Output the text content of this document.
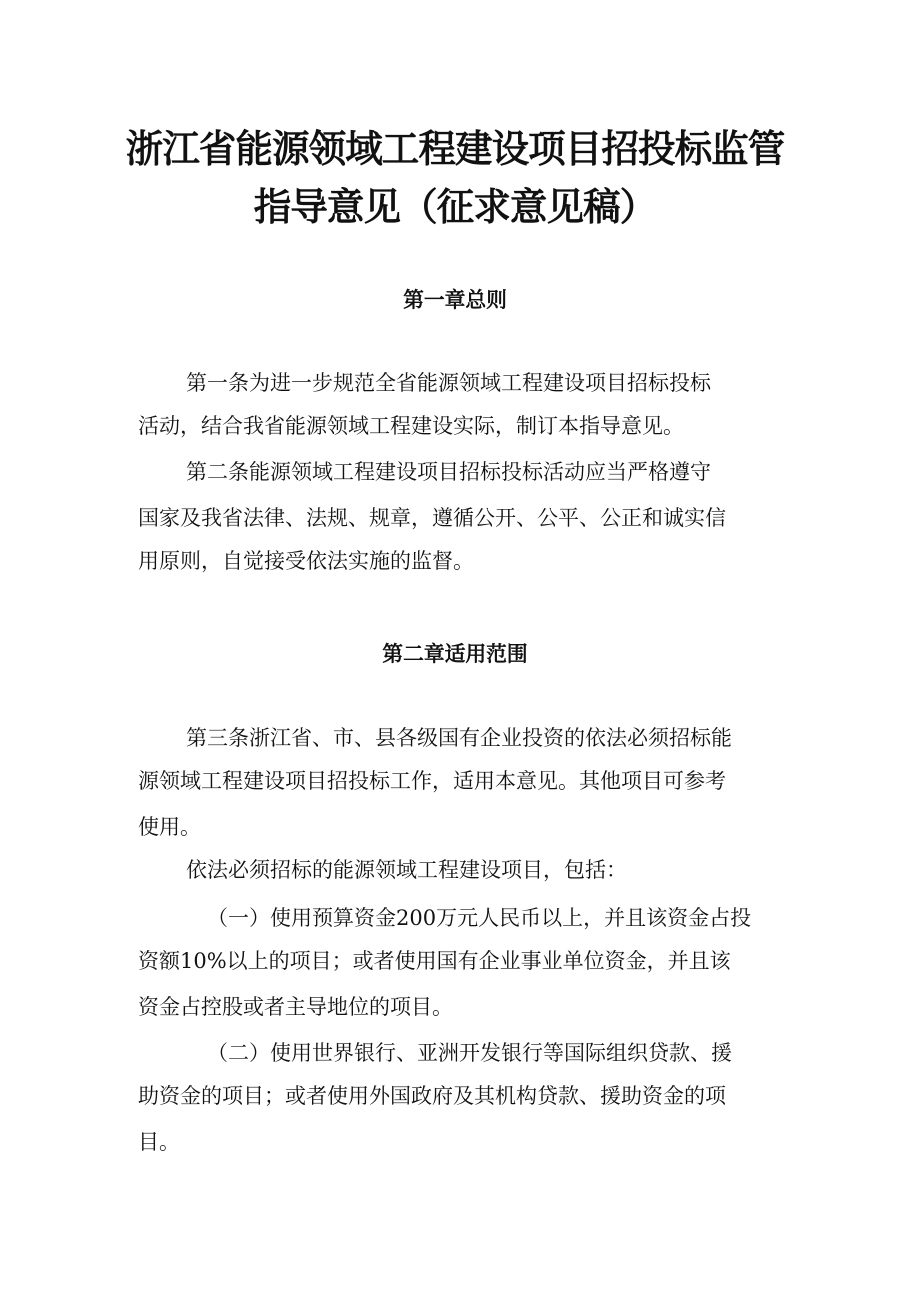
浙江省能源领域工程建设项目招投标监管
指导意见（征求意见稿）
第一章总则
第一条为进一步规范全省能源领域工程建设项目招标投标
活动，结合我省能源领域工程建设实际，制订本指导意见。
第二条能源领域工程建设项目招标投标活动应当严格遵守
国家及我省法律、法规、规章，遵循公开、公平、公正和诚实信
用原则，自觉接受依法实施的监督。
第二章适用范围
第三条浙江省、市、县各级国有企业投资的依法必须招标能
源领域工程建设项目招投标工作，适用本意见。其他项目可参考
使用。
依法必须招标的能源领域工程建设项目，包括：
（一）使用预算资金200万元人民币以上，并且该资金占投
资额10%以上的项目；或者使用国有企业事业单位资金，并且该
资金占控股或者主导地位的项目。
（二）使用世界银行、亚洲开发银行等国际组织贷款、援
助资金的项目；或者使用外国政府及其机构贷款、援助资金的项
目。
